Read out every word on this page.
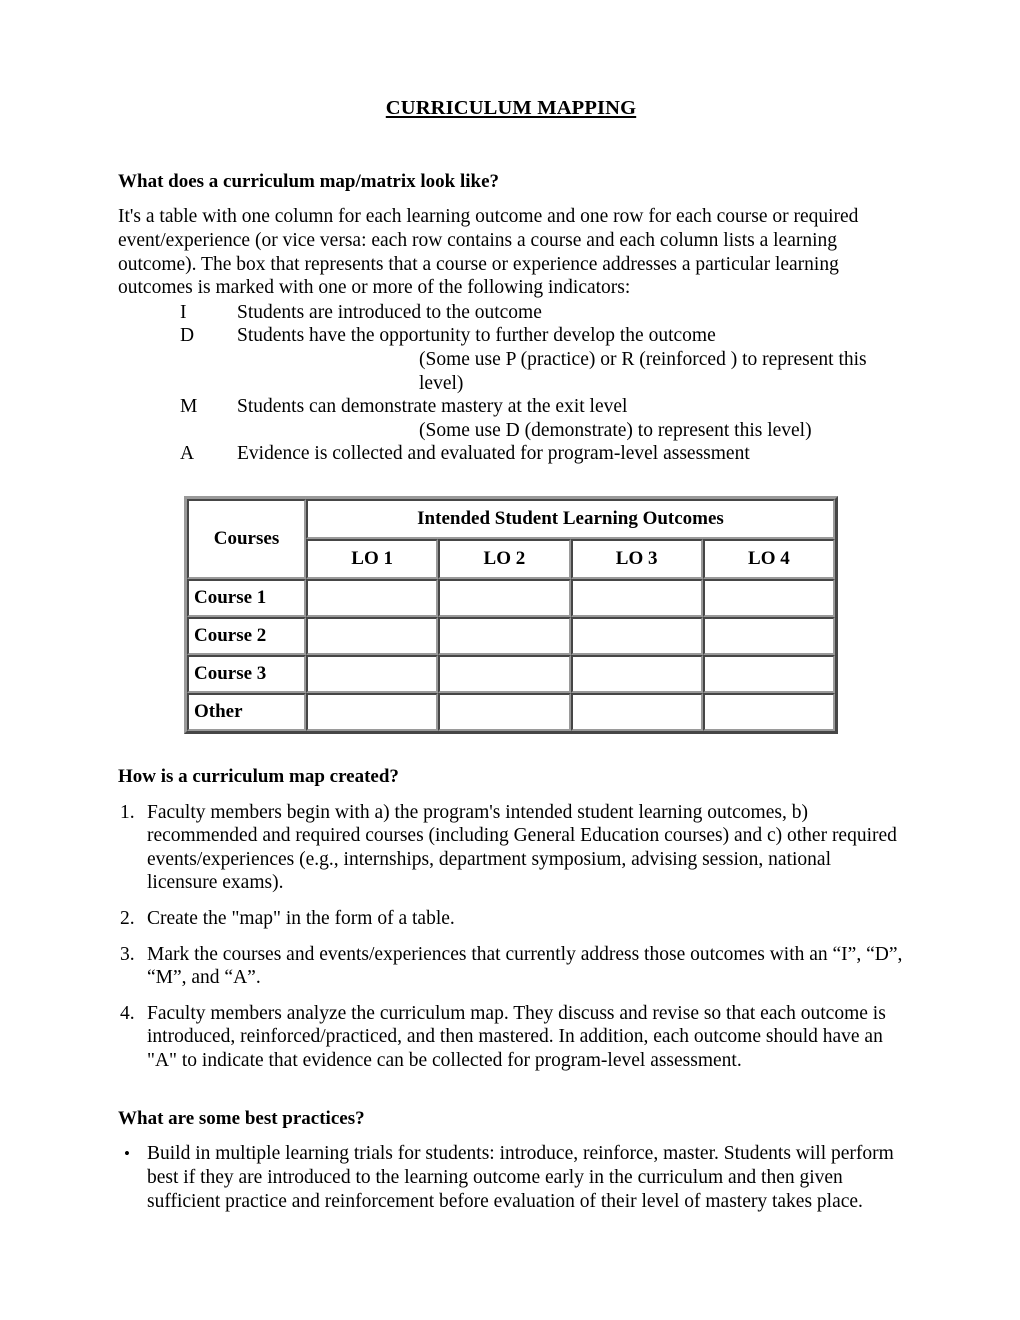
CURRICULUM MAPPING
What does a curriculum map/matrix look like?
It's a table with one column for each learning outcome and one row for each course or required event/experience (or vice versa: each row contains a course and each column lists a learning outcome). The box that represents that a course or experience addresses a particular learning outcomes is marked with one or more of the following indicators:
I	Students are introduced to the outcome
D Students have the opportunity to further develop the outcome
(Some use P (practice) or R (reinforced ) to represent this level)
M Students can demonstrate mastery at the exit level
(Some use D (demonstrate) to represent this level)
A Evidence is collected and evaluated for program-level assessment
Courses	Intended Student Learning Outcomes			
	LO 1	LO 2	LO 3	LO 4
Course 1				
Course 2				
Course 3				
Other				
How is a curriculum map created?
1. Faculty members begin with a) the program's intended student learning outcomes, b) recommended and required courses (including General Education courses) and c) other required events/experiences (e.g., internships, department symposium, advising session, national licensure exams).
2. Create the "map" in the form of a table.
3. Mark the courses and events/experiences that currently address those outcomes with an “I”, “D”, “M”, and “A”.
4. Faculty members analyze the curriculum map. They discuss and revise so that each outcome is introduced, reinforced/practiced, and then mastered. In addition, each outcome should have an "A" to indicate that evidence can be collected for program-level assessment.
What are some best practices?
• Build in multiple learning trials for students: introduce, reinforce, master. Students will perform best if they are introduced to the learning outcome early in the curriculum and then given sufficient practice and reinforcement before evaluation of their level of mastery takes place.
